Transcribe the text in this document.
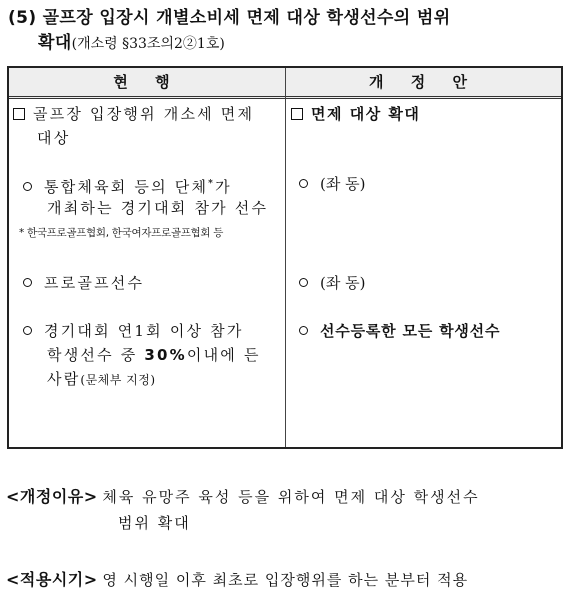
(5) 골프장 입장시 개별소비세 면제 대상 학생선수의 범위
확대(개소령 §33조의2②1호)
현 행	개 정 안
골프장 입장행위 개소세 면제
대상
통합체육회 등의 단체*가
개최하는 경기대회 참가 선수
* 한국프로골프협회, 한국여자프로골프협회 등
프로골프선수
경기대회 연1회 이상 참가
학생선수 중 30%이내에 든
사람(문체부 지정)
면제 대상 확대
(좌 동)
(좌 동)
선수등록한 모든 학생선수
<개정이유> 체육 유망주 육성 등을 위하여 면제 대상 학생선수
범위 확대
<적용시기> 영 시행일 이후 최초로 입장행위를 하는 분부터 적용
